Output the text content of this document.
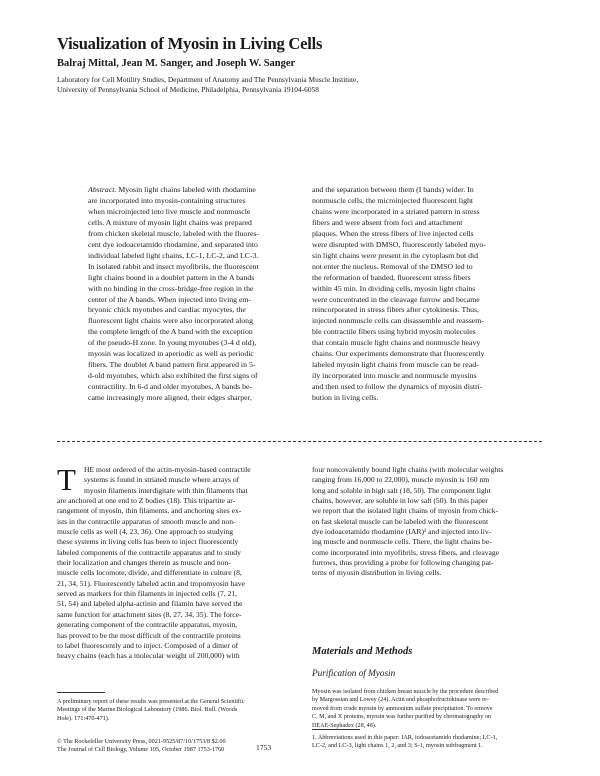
Visualization of Myosin in Living Cells
Balraj Mittal, Jean M. Sanger, and Joseph W. Sanger
Laboratory for Cell Motility Studies, Department of Anatomy and The Pennsylvania Muscle Institute,
University of Pennsylvania School of Medicine, Philadelphia, Pennsylvania 19104-6058
Abstract. Myosin light chains labeled with rhodamine
are incorporated into myosin-containing structures
when microinjected into live muscle and nonmuscle
cells. A mixture of myosin light chains was prepared
from chicken skeletal muscle, labeled with the fluores-
cent dye iodoacetamido rhodamine, and separated into
individual labeled light chains, LC-1, LC-2, and LC-3.
In isolated rabbit and insect myofibrils, the fluorescent
light chains bound in a doublet pattern in the A bands
with no binding in the cross-bridge-free region in the
center of the A bands. When injected into living em-
bryonic chick myotubes and cardiac myocytes, the
fluorescent light chains were also incorporated along
the complete length of the A band with the exception
of the pseudo-H zone. In young myotubes (3-4 d old),
myosin was localized in aperiodic as well as periodic
fibers. The doublet A band pattern first appeared in 5-
d-old myotubes, which also exhibited the first signs of
contractility. In 6-d and older myotubes, A bands be-
came increasingly more aligned, their edges sharper,
and the separation between them (I bands) wider. In
nonmuscle cells, the microinjected fluorescent light
chains were incorporated in a striated pattern in stress
fibers and were absent from foci and attachment
plaques. When the stress fibers of live injected cells
were disrupted with DMSO, fluorescently labeled myo-
sin light chains were present in the cytoplasm but did
not enter the nucleus. Removal of the DMSO led to
the reformation of banded, fluorescent stress fibers
within 45 min. In dividing cells, myosin light chains
were concentrated in the cleavage furrow and became
reincorporated in stress fibers after cytokinesis. Thus,
injected nonmuscle cells can disassemble and reassem-
ble contractile fibers using hybrid myosin molecules
that contain muscle light chains and nonmuscle heavy
chains. Our experiments demonstrate that fluorescently
labeled myosin light chains from muscle can be read-
ily incorporated into muscle and nonmuscle myosins
and then used to follow the dynamics of myosin distri-
bution in living cells.
T	HE most ordered of the actin-myosin-based contractile
systems is found in striated muscle where arrays of
myosin filaments interdigitate with thin filaments that
are anchored at one end to Z bodies (18). This tripartite ar-
rangement of myosin, thin filaments, and anchoring sites ex-
ists in the contractile apparatus of smooth muscle and non-
muscle cells as well (4, 23, 36). One approach to studying
these systems in living cells has been to inject fluorescently
labeled components of the contractile apparatus and to study
their localization and changes therein as muscle and non-
muscle cells locomote, divide, and differentiate in culture (8,
21, 34, 51). Fluorescently labeled actin and tropomyosin have
served as markers for thin filaments in injected cells (7, 21,
51, 54) and labeled alpha-actinin and filamin have served the
same function for attachment sites (8, 27, 34, 35). The force-
generating component of the contractile apparatus, myosin,
has proved to be the most difficult of the contractile proteins
to label fluorescently and to inject. Composed of a dimer of
heavy chains (each has a molecular weight of 200,000) with
four noncovalently bound light chains (with molecular weights
ranging from 16,000 to 22,000), muscle myosin is 160 nm
long and soluble in high salt (18, 50). The component light
chains, however, are soluble in low salt (50). In this paper
we report that the isolated light chains of myosin from chick-
en fast skeletal muscle can be labeled with the fluorescent
dye iodoacetamido rhodamine (IAR)¹ and injected into liv-
ing muscle and nonmuscle cells. There, the light chains be-
come incorporated into myofibrils, stress fibers, and cleavage
furrows, thus providing a probe for following changing pat-
terns of myosin distribution in living cells.
Materials and Methods
Purification of Myosin
Myosin was isolated from chicken breast muscle by the procedure described
by Margossian and Lowey (24). Actin and phosphofructokinase were re-
moved from crude myosin by ammonium sulfate precipitation. To remove
C, M, and X proteins, myosin was further purified by chromatography on
DEAE-Sephadex (28, 48).
A preliminary report of these results was presented at the General Scientific
Meetings of the Marine Biological Laboratory (1986. Biol. Bull. (Woods
Hole). 171:470-471).
1. Abbreviations used in this paper: IAR, iodoacetamido rhodamine; LC-1,
LC-2, and LC-3, light chains 1, 2, and 3; S-1, myosin subfragment 1.
© The Rockefeller University Press, 0021-9525/87/10/1753/8 $2.00
The Journal of Cell Biology, Volume 105, October 1987 1753-1760	1753
